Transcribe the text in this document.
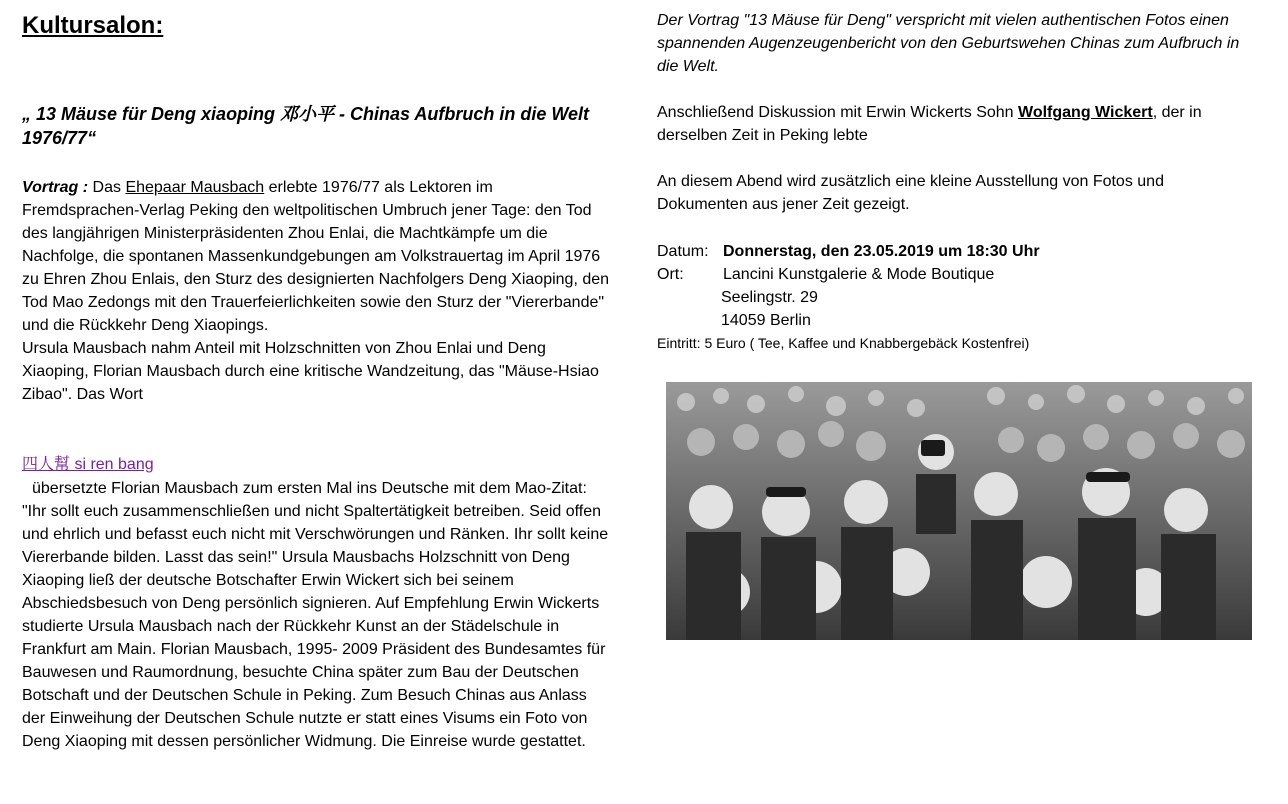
Kultursalon:

„ 13 Mäuse für Deng xiaoping 邓小平 - Chinas Aufbruch in die Welt 1976/77“

Vortrag : Das Ehepaar Mausbach erlebte 1976/77 als Lektoren im Fremdsprachen-Verlag Peking den weltpolitischen Umbruch jener Tage: den Tod des langjährigen Ministerpräsidenten Zhou Enlai, die Machtkämpfe um die Nachfolge, die spontanen Massenkundgebungen am Volkstrauertag im April 1976 zu Ehren Zhou Enlais, den Sturz des designierten Nachfolgers Deng Xiaoping, den Tod Mao Zedongs mit den Trauerfeierlichkeiten sowie den Sturz der "Viererbande" und die Rückkehr Deng Xiaopings.
Ursula Mausbach nahm Anteil mit Holzschnitten von Zhou Enlai und Deng Xiaoping, Florian Mausbach durch eine kritische Wandzeitung, das "Mäuse-Hsiao Zibao". Das Wort

四人幫 si ren bang

übersetzte Florian Mausbach zum ersten Mal ins Deutsche mit dem Mao-Zitat: "Ihr sollt euch zusammenschließen und nicht Spaltertätigkeit betreiben. Seid offen und ehrlich und befasst euch nicht mit Verschwörungen und Ränken. Ihr sollt keine Viererbande bilden. Lasst das sein!" Ursula Mausbachs Holzschnitt von Deng Xiaoping ließ der deutsche Botschafter Erwin Wickert sich bei seinem Abschiedsbesuch von Deng persönlich signieren. Auf Empfehlung Erwin Wickerts studierte Ursula Mausbach nach der Rückkehr Kunst an der Städelschule in Frankfurt am Main. Florian Mausbach, 1995- 2009 Präsident des Bundesamtes für Bauwesen und Raumordnung, besuchte China später zum Bau der Deutschen Botschaft und der Deutschen Schule in Peking. Zum Besuch Chinas aus Anlass der Einweihung der Deutschen Schule nutzte er statt eines Visums ein Foto von Deng Xiaoping mit dessen persönlicher Widmung. Die Einreise wurde gestattet.

Der Vortrag "13 Mäuse für Deng" verspricht mit vielen authentischen Fotos einen spannenden Augenzeugenbericht von den Geburtswehen Chinas zum Aufbruch in die Welt.

Anschließend Diskussion mit Erwin Wickerts Sohn Wolfgang Wickert, der in derselben Zeit in Peking lebte

An diesem Abend wird zusätzlich eine kleine Ausstellung von Fotos und Dokumenten aus jener Zeit gezeigt.

Datum: Donnerstag, den 23.05.2019 um 18:30 Uhr
Ort: Lancini Kunstgalerie & Mode Boutique
Seelingstr. 29
14059 Berlin
Eintritt: 5 Euro ( Tee, Kaffee und Knabbergebäck Kostenfrei)
